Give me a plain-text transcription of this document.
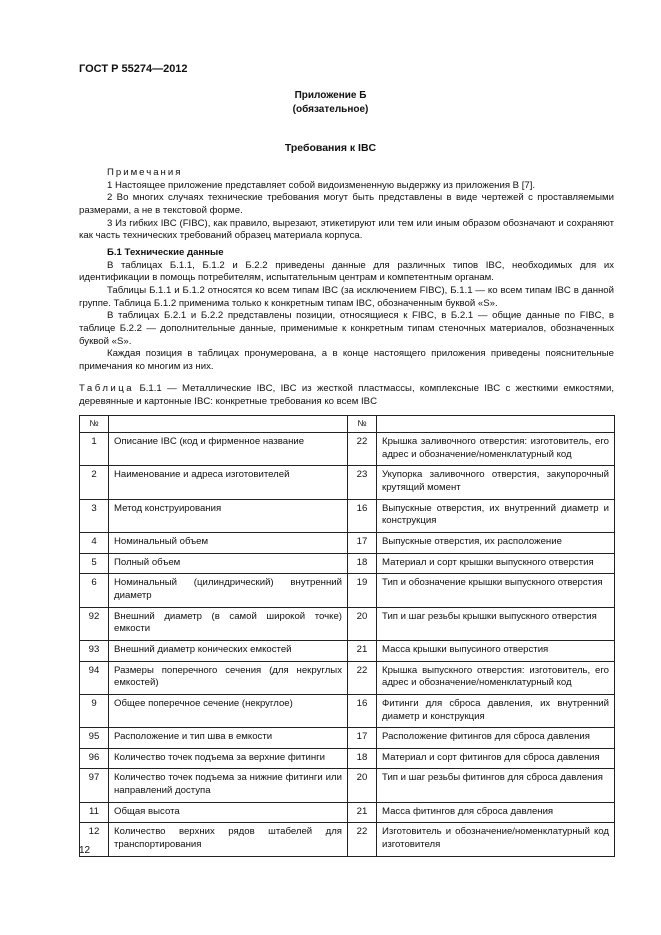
ГОСТ Р 55274—2012
Приложение Б
(обязательное)
Требования к IBC

Примечания

1 Настоящее приложение представляет собой видоизмененную выдержку из приложения В [7].

2 Во многих случаях технические требования могут быть представлены в виде чертежей с проставляемыми размерами, а не в текстовой форме.

3 Из гибких IBC (FIBC), как правило, вырезают, этикетируют или тем или иным образом обозначают и сохраняют как часть технических требований образец материала корпуса.

Б.1 Технические данные

В таблицах Б.1.1, Б.1.2 и Б.2.2 приведены данные для различных типов IBC, необходимых для их идентификации в помощь потребителям, испытательным центрам и компетентным органам.

Таблицы Б.1.1 и Б.1.2 относятся ко всем типам IBC (за исключением FIBC), Б.1.1 — ко всем типам IBC в данной группе. Таблица Б.1.2 применима только к конкретным типам IBC, обозначенным буквой «S».

В таблицах Б.2.1 и Б.2.2 представлены позиции, относящиеся к FIBC, в Б.2.1 — общие данные по FIBC, в таблице Б.2.2 — дополнительные данные, применимые к конкретным типам стеночных материалов, обозначенных буквой «S».

Каждая позиция в таблицах пронумерована, а в конце настоящего приложения приведены пояснительные примечания ко многим из них.

Таблица Б.1.1 — Металлические IBC, IBC из жесткой пластмассы, комплексные IBC с жесткими емкостями, деревянные и картонные IBC: конкретные требования ко всем IBC
№		№	
1	Описание IBC (код и фирменное название	22	Крышка заливочного отверстия: изготовитель, его адрес и обозначение/номенклатурный код
2	Наименование и адреса изготовителей	23	Укупорка заливочного отверстия, закупорочный крутящий момент
3	Метод конструирования	16	Выпускные отверстия, их внутренний диаметр и конструкция
4	Номинальный объем	17	Выпускные отверстия, их расположение
5	Полный объем	18	Материал и сорт крышки выпускного отверстия
6	Номинальный (цилиндрический) внутренний диаметр	19	Тип и обозначение крышки выпускного отверстия
92	Внешний диаметр (в самой широкой точке) емкости	20	Тип и шаг резьбы крышки выпускного отверстия
93	Внешний диаметр конических емкостей	21	Масса крышки выпусиного отверстия
94	Размеры поперечного сечения (для некруглых емкостей)	22	Крышка выпускного отверстия: изготовитель, его адрес и обозначение/номенклатурный код
9	Общее поперечное сечение (некруглое)	16	Фитинги для сброса давления, их внутренний диаметр и конструкция
95	Расположение и тип шва в емкости	17	Расположение фитингов для сброса давления
96	Количество точек подъема за верхние фитинги	18	Материал и сорт фитингов для сброса давления
97	Количество точек подъема за нижние фитинги или направлений доступа	20	Тип и шаг резьбы фитингов для сброса давления
11	Общая высота	21	Масса фитингов для сброса давления
12	Количество верхних рядов штабелей для транспортирования	22	Изготовитель и обозначение/номенклатурный код изготовителя
12
